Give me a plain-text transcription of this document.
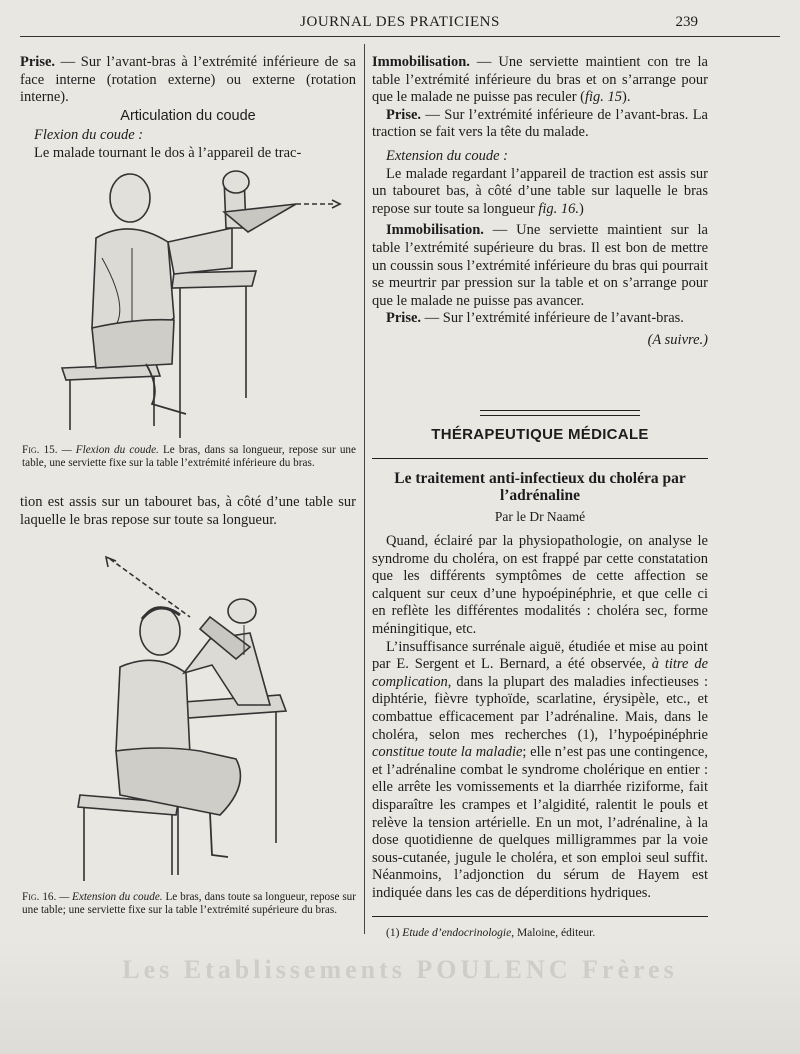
JOURNAL DES PRATICIENS	239

Prise. — Sur l’avant-bras à l’extrémité inférieure de sa face interne (rotation externe) ou externe (rotation interne).

Articulation du coude

Flexion du coude :

Le malade tournant le dos à l’appareil de trac-

Fig. 15. — Flexion du coude. Le bras, dans sa longueur, repose sur une table, une serviette fixe sur la table l’extrémité inférieure du bras.

tion est assis sur un tabouret bas, à côté d’une table sur laquelle le bras repose sur toute sa longueur.

Fig. 16. — Extension du coude. Le bras, dans toute sa longueur, repose sur une table; une serviette fixe sur la table l’extrémité supérieure du bras.

Immobilisation. — Une serviette maintient con tre la table l’extrémité inférieure du bras et on s’arrange pour que le malade ne puisse pas reculer (fig. 15).

Prise. — Sur l’extrémité inférieure de l’avant-bras. La traction se fait vers la tête du malade.

Extension du coude :

Le malade regardant l’appareil de traction est assis sur un tabouret bas, à côté d’une table sur laquelle le bras repose sur toute sa longueur fig. 16.)

Immobilisation. — Une serviette maintient sur la table l’extrémité supérieure du bras. Il est bon de mettre un coussin sous l’extrémité inférieure du bras qui pourrait se meurtrir par pression sur la table et on s’arrange pour que le malade ne puisse pas avancer.

Prise. — Sur l’extrémité inférieure de l’avant-bras.

(A suivre.)

THÉRAPEUTIQUE MÉDICALE
Le traitement anti-infectieux du choléra par l’adrénaline
Par le Dr Naamé

Quand, éclairé par la physiopathologie, on analyse le syndrome du choléra, on est frappé par cette constatation que les différents symptômes de cette affection se calquent sur ceux d’une hypoépinéphrie, et que celle ci en reflète les différentes modalités : choléra sec, forme méningitique, etc.

L’insuffisance surrénale aiguë, étudiée et mise au point par E. Sergent et L. Bernard, a été observée, à titre de complication, dans la plupart des maladies infectieuses : diphtérie, fièvre typhoïde, scarlatine, érysipèle, etc., et combattue efficacement par l’adrénaline. Mais, dans le choléra, selon mes recherches (1), l’hypoépinéphrie constitue toute la maladie; elle n’est pas une contingence, et l’adrénaline combat le syndrome cholérique en entier : elle arrête les vomissements et la diarrhée riziforme, fait disparaître les crampes et l’algidité, ralentit le pouls et relève la tension artérielle. En un mot, l’adrénaline, à la dose quotidienne de quelques milligrammes par la voie sous-cutanée, jugule le choléra, et son emploi seul suffit. Néanmoins, l’adjonction du sérum de Hayem est indiquée dans les cas de déperditions hydriques.

(1) Etude d’endocrinologie, Maloine, éditeur.
Les Etablissements POULENC Frères
